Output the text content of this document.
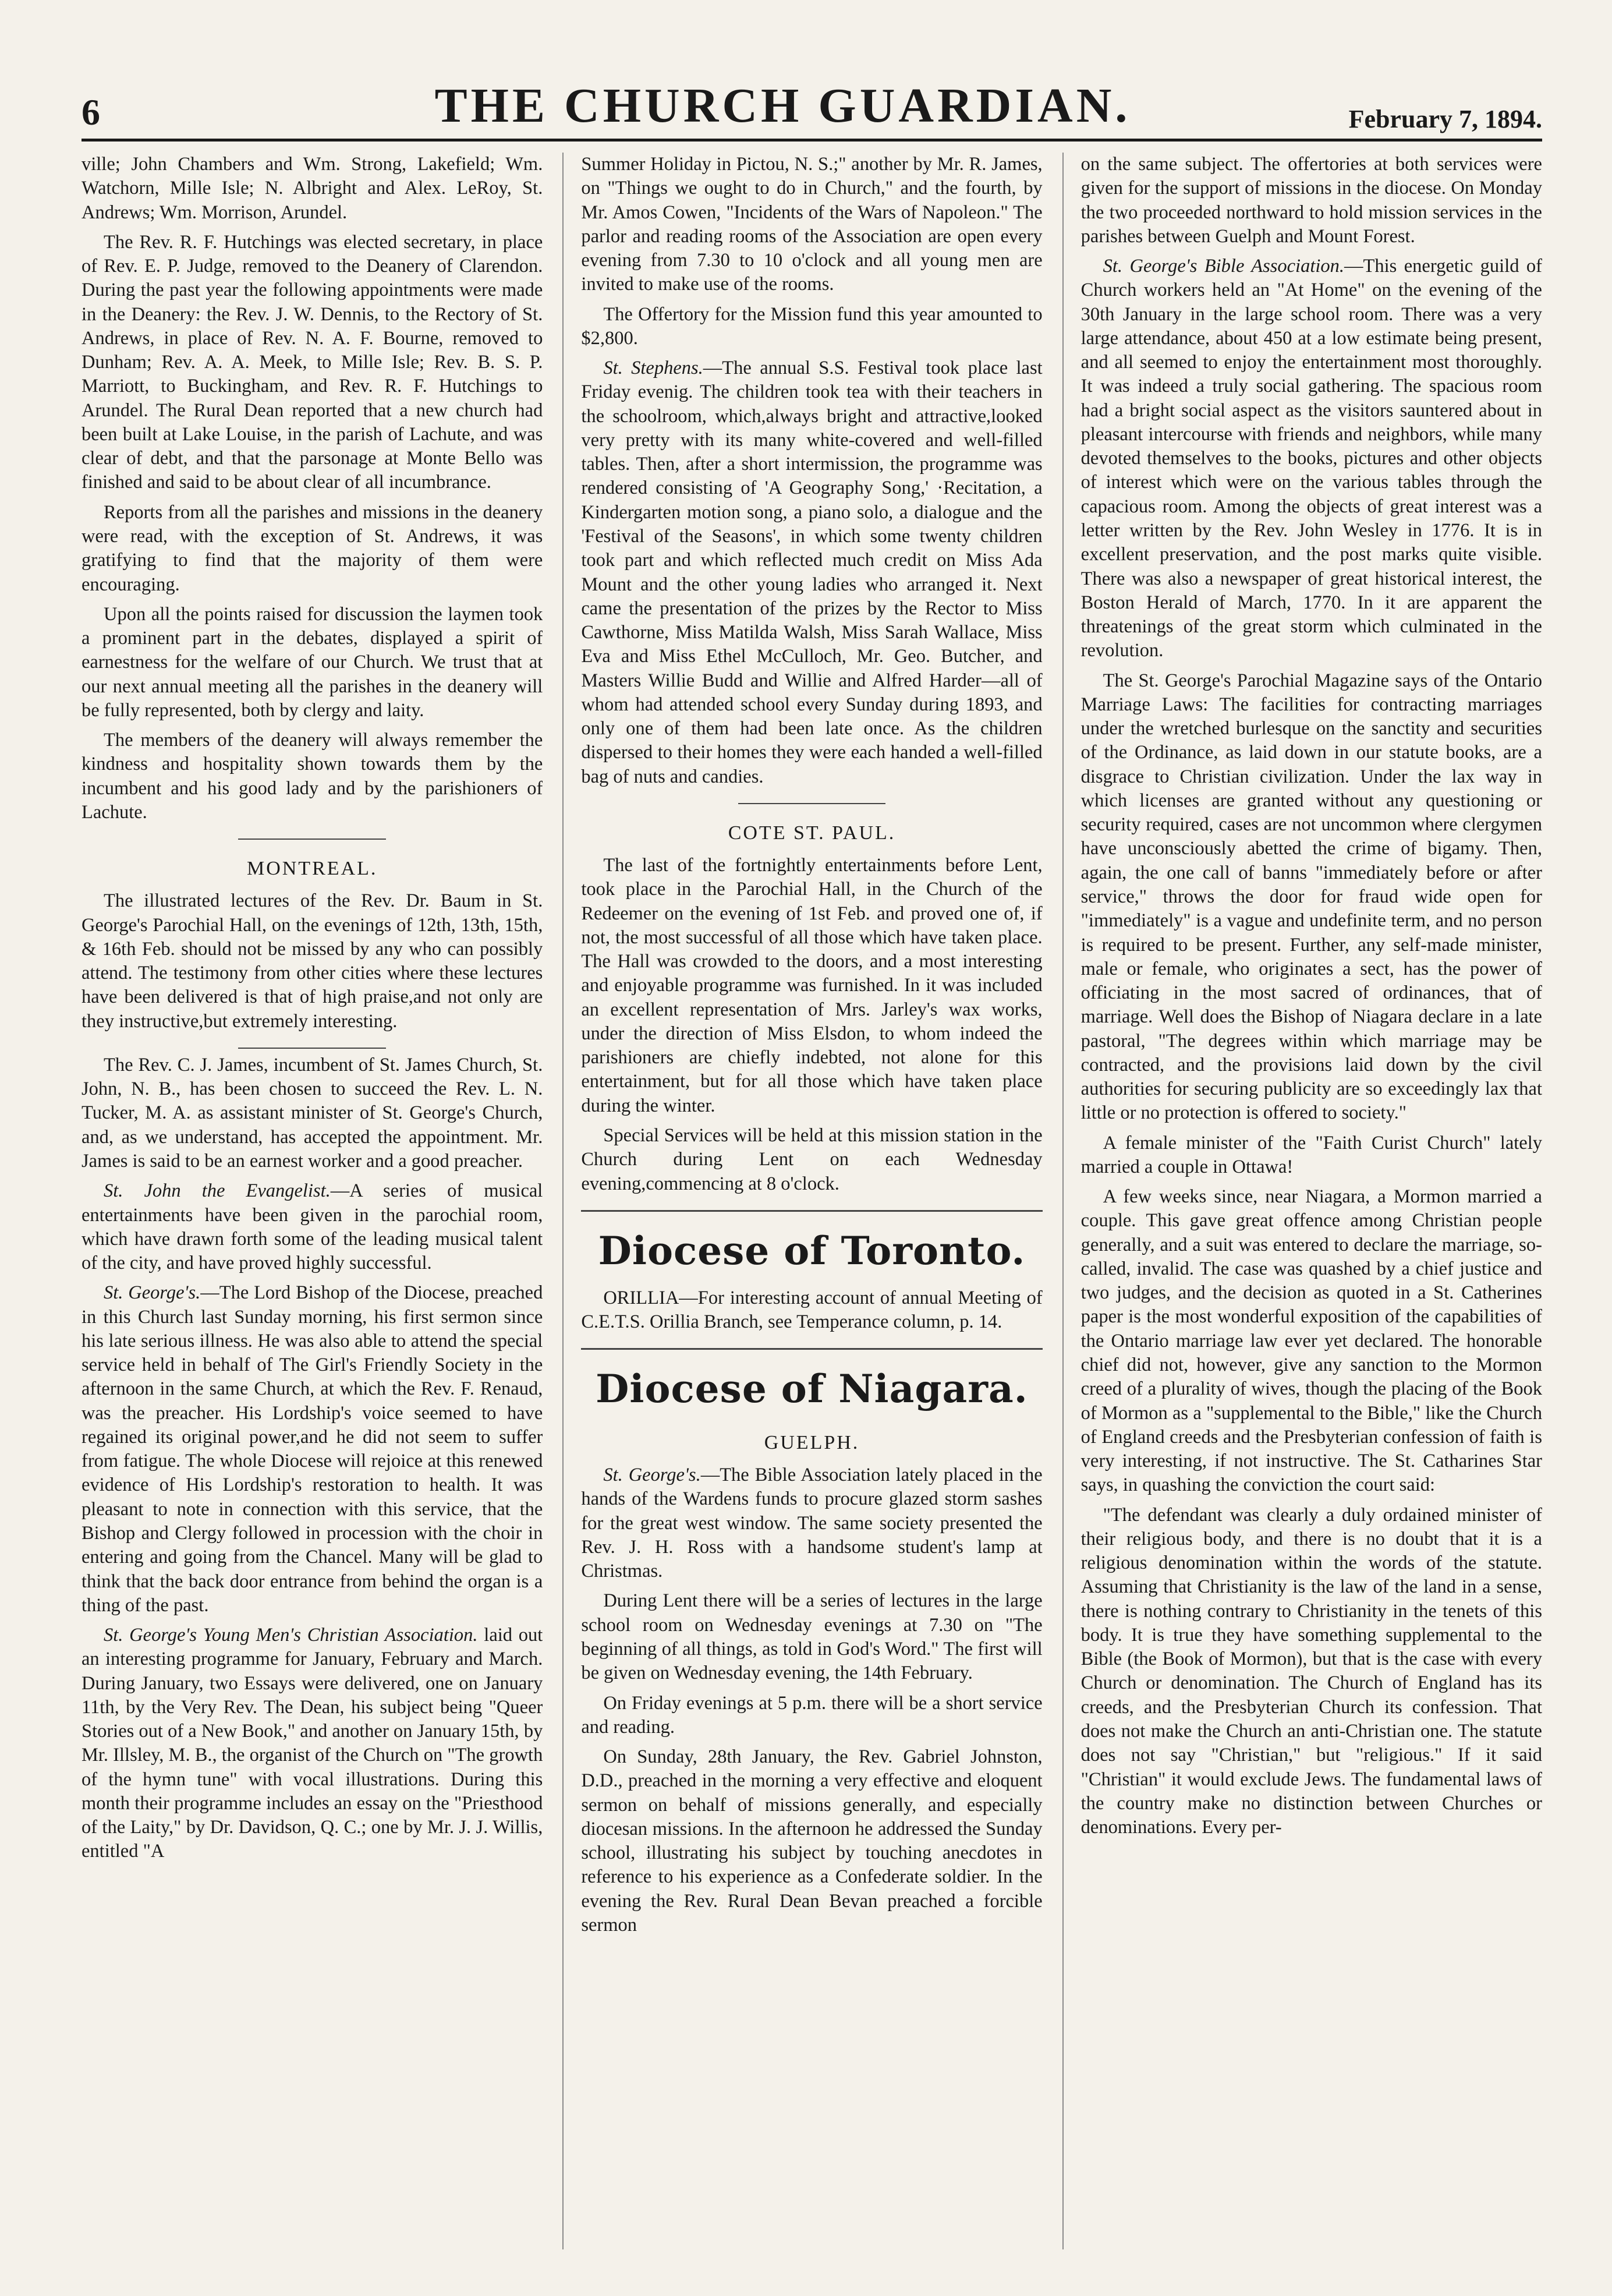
6	THE CHURCH GUARDIAN.	February 7, 1894.

ville; John Chambers and Wm. Strong, Lakefield; Wm. Watchorn, Mille Isle; N. Albright and Alex. LeRoy, St. Andrews; Wm. Morrison, Arundel.

The Rev. R. F. Hutchings was elected secretary, in place of Rev. E. P. Judge, removed to the Deanery of Clarendon. During the past year the following appointments were made in the Deanery: the Rev. J. W. Dennis, to the Rectory of St. Andrews, in place of Rev. N. A. F. Bourne, removed to Dunham; Rev. A. A. Meek, to Mille Isle; Rev. B. S. P. Marriott, to Buckingham, and Rev. R. F. Hutchings to Arundel. The Rural Dean reported that a new church had been built at Lake Louise, in the parish of Lachute, and was clear of debt, and that the parsonage at Monte Bello was finished and said to be about clear of all incumbrance.

Reports from all the parishes and missions in the deanery were read, with the exception of St. Andrews, it was gratifying to find that the majority of them were encouraging.

Upon all the points raised for discussion the laymen took a prominent part in the debates, displayed a spirit of earnestness for the welfare of our Church. We trust that at our next annual meeting all the parishes in the deanery will be fully represented, both by clergy and laity.

The members of the deanery will always remember the kindness and hospitality shown towards them by the incumbent and his good lady and by the parishioners of Lachute.

MONTREAL.

The illustrated lectures of the Rev. Dr. Baum in St. George's Parochial Hall, on the evenings of 12th, 13th, 15th, & 16th Feb. should not be missed by any who can possibly attend. The testimony from other cities where these lectures have been delivered is that of high praise,and not only are they instructive,but extremely interesting.

The Rev. C. J. James, incumbent of St. James Church, St. John, N. B., has been chosen to succeed the Rev. L. N. Tucker, M. A. as assistant minister of St. George's Church, and, as we understand, has accepted the appointment. Mr. James is said to be an earnest worker and a good preacher.

St. John the Evangelist.—A series of musical entertainments have been given in the parochial room, which have drawn forth some of the leading musical talent of the city, and have proved highly successful.

St. George's.—The Lord Bishop of the Diocese, preached in this Church last Sunday morning, his first sermon since his late serious illness. He was also able to attend the special service held in behalf of The Girl's Friendly Society in the afternoon in the same Church, at which the Rev. F. Renaud, was the preacher. His Lordship's voice seemed to have regained its original power,and he did not seem to suffer from fatigue. The whole Diocese will rejoice at this renewed evidence of His Lordship's restoration to health. It was pleasant to note in connection with this service, that the Bishop and Clergy followed in procession with the choir in entering and going from the Chancel. Many will be glad to think that the back door entrance from behind the organ is a thing of the past.

St. George's Young Men's Christian Association. laid out an interesting programme for January, February and March. During January, two Essays were delivered, one on January 11th, by the Very Rev. The Dean, his subject being "Queer Stories out of a New Book," and another on January 15th, by Mr. Illsley, M. B., the organist of the Church on "The growth of the hymn tune" with vocal illustrations. During this month their programme includes an essay on the "Priesthood of the Laity," by Dr. Davidson, Q. C.; one by Mr. J. J. Willis, entitled "A

Summer Holiday in Pictou, N. S.;" another by Mr. R. James, on "Things we ought to do in Church," and the fourth, by Mr. Amos Cowen, "Incidents of the Wars of Napoleon." The parlor and reading rooms of the Association are open every evening from 7.30 to 10 o'clock and all young men are invited to make use of the rooms.

The Offertory for the Mission fund this year amounted to $2,800.

St. Stephens.—The annual S.S. Festival took place last Friday evenig. The children took tea with their teachers in the schoolroom, which,always bright and attractive,looked very pretty with its many white-covered and well-filled tables. Then, after a short intermission, the programme was rendered consisting of 'A Geography Song,' ·Recitation, a Kindergarten motion song, a piano solo, a dialogue and the 'Festival of the Seasons', in which some twenty children took part and which reflected much credit on Miss Ada Mount and the other young ladies who arranged it. Next came the presentation of the prizes by the Rector to Miss Cawthorne, Miss Matilda Walsh, Miss Sarah Wallace, Miss Eva and Miss Ethel McCulloch, Mr. Geo. Butcher, and Masters Willie Budd and Willie and Alfred Harder—all of whom had attended school every Sunday during 1893, and only one of them had been late once. As the children dispersed to their homes they were each handed a well-filled bag of nuts and candies.

COTE ST. PAUL.

The last of the fortnightly entertainments before Lent, took place in the Parochial Hall, in the Church of the Redeemer on the evening of 1st Feb. and proved one of, if not, the most successful of all those which have taken place. The Hall was crowded to the doors, and a most interesting and enjoyable programme was furnished. In it was included an excellent representation of Mrs. Jarley's wax works, under the direction of Miss Elsdon, to whom indeed the parishioners are chiefly indebted, not alone for this entertainment, but for all those which have taken place during the winter.

Special Services will be held at this mission station in the Church during Lent on each Wednesday evening,commencing at 8 o'clock.

Diocese of Toronto.

ORILLIA—For interesting account of annual Meeting of C.E.T.S. Orillia Branch, see Temperance column, p. 14.

Diocese of Niagara.
GUELPH.

St. George's.—The Bible Association lately placed in the hands of the Wardens funds to procure glazed storm sashes for the great west window. The same society presented the Rev. J. H. Ross with a handsome student's lamp at Christmas.

During Lent there will be a series of lectures in the large school room on Wednesday evenings at 7.30 on "The beginning of all things, as told in God's Word." The first will be given on Wednesday evening, the 14th February.

On Friday evenings at 5 p.m. there will be a short service and reading.

On Sunday, 28th January, the Rev. Gabriel Johnston, D.D., preached in the morning a very effective and eloquent sermon on behalf of missions generally, and especially diocesan missions. In the afternoon he addressed the Sunday school, illustrating his subject by touching anecdotes in reference to his experience as a Confederate soldier. In the evening the Rev. Rural Dean Bevan preached a forcible sermon

on the same subject. The offertories at both services were given for the support of missions in the diocese. On Monday the two proceeded northward to hold mission services in the parishes between Guelph and Mount Forest.

St. George's Bible Association.—This energetic guild of Church workers held an "At Home" on the evening of the 30th January in the large school room. There was a very large attendance, about 450 at a low estimate being present, and all seemed to enjoy the entertainment most thoroughly. It was indeed a truly social gathering. The spacious room had a bright social aspect as the visitors sauntered about in pleasant intercourse with friends and neighbors, while many devoted themselves to the books, pictures and other objects of interest which were on the various tables through the capacious room. Among the objects of great interest was a letter written by the Rev. John Wesley in 1776. It is in excellent preservation, and the post marks quite visible. There was also a newspaper of great historical interest, the Boston Herald of March, 1770. In it are apparent the threatenings of the great storm which culminated in the revolution.

The St. George's Parochial Magazine says of the Ontario Marriage Laws: The facilities for contracting marriages under the wretched burlesque on the sanctity and securities of the Ordinance, as laid down in our statute books, are a disgrace to Christian civilization. Under the lax way in which licenses are granted without any questioning or security required, cases are not uncommon where clergymen have unconsciously abetted the crime of bigamy. Then, again, the one call of banns "immediately before or after service," throws the door for fraud wide open for "immediately" is a vague and undefinite term, and no person is required to be present. Further, any self-made minister, male or female, who originates a sect, has the power of officiating in the most sacred of ordinances, that of marriage. Well does the Bishop of Niagara declare in a late pastoral, "The degrees within which marriage may be contracted, and the provisions laid down by the civil authorities for securing publicity are so exceedingly lax that little or no protection is offered to society."

A female minister of the "Faith Curist Church" lately married a couple in Ottawa!

A few weeks since, near Niagara, a Mormon married a couple. This gave great offence among Christian people generally, and a suit was entered to declare the marriage, so-called, invalid. The case was quashed by a chief justice and two judges, and the decision as quoted in a St. Catherines paper is the most wonderful exposition of the capabilities of the Ontario marriage law ever yet declared. The honorable chief did not, however, give any sanction to the Mormon creed of a plurality of wives, though the placing of the Book of Mormon as a "supplemental to the Bible," like the Church of England creeds and the Presbyterian confession of faith is very interesting, if not instructive. The St. Catharines Star says, in quashing the conviction the court said:

"The defendant was clearly a duly ordained minister of their religious body, and there is no doubt that it is a religious denomination within the words of the statute. Assuming that Christianity is the law of the land in a sense, there is nothing contrary to Christianity in the tenets of this body. It is true they have something supplemental to the Bible (the Book of Mormon), but that is the case with every Church or denomination. The Church of England has its creeds, and the Presbyterian Church its confession. That does not make the Church an anti-Christian one. The statute does not say "Christian," but "religious." If it said "Christian" it would exclude Jews. The fundamental laws of the country make no distinction between Churches or denominations. Every per-
